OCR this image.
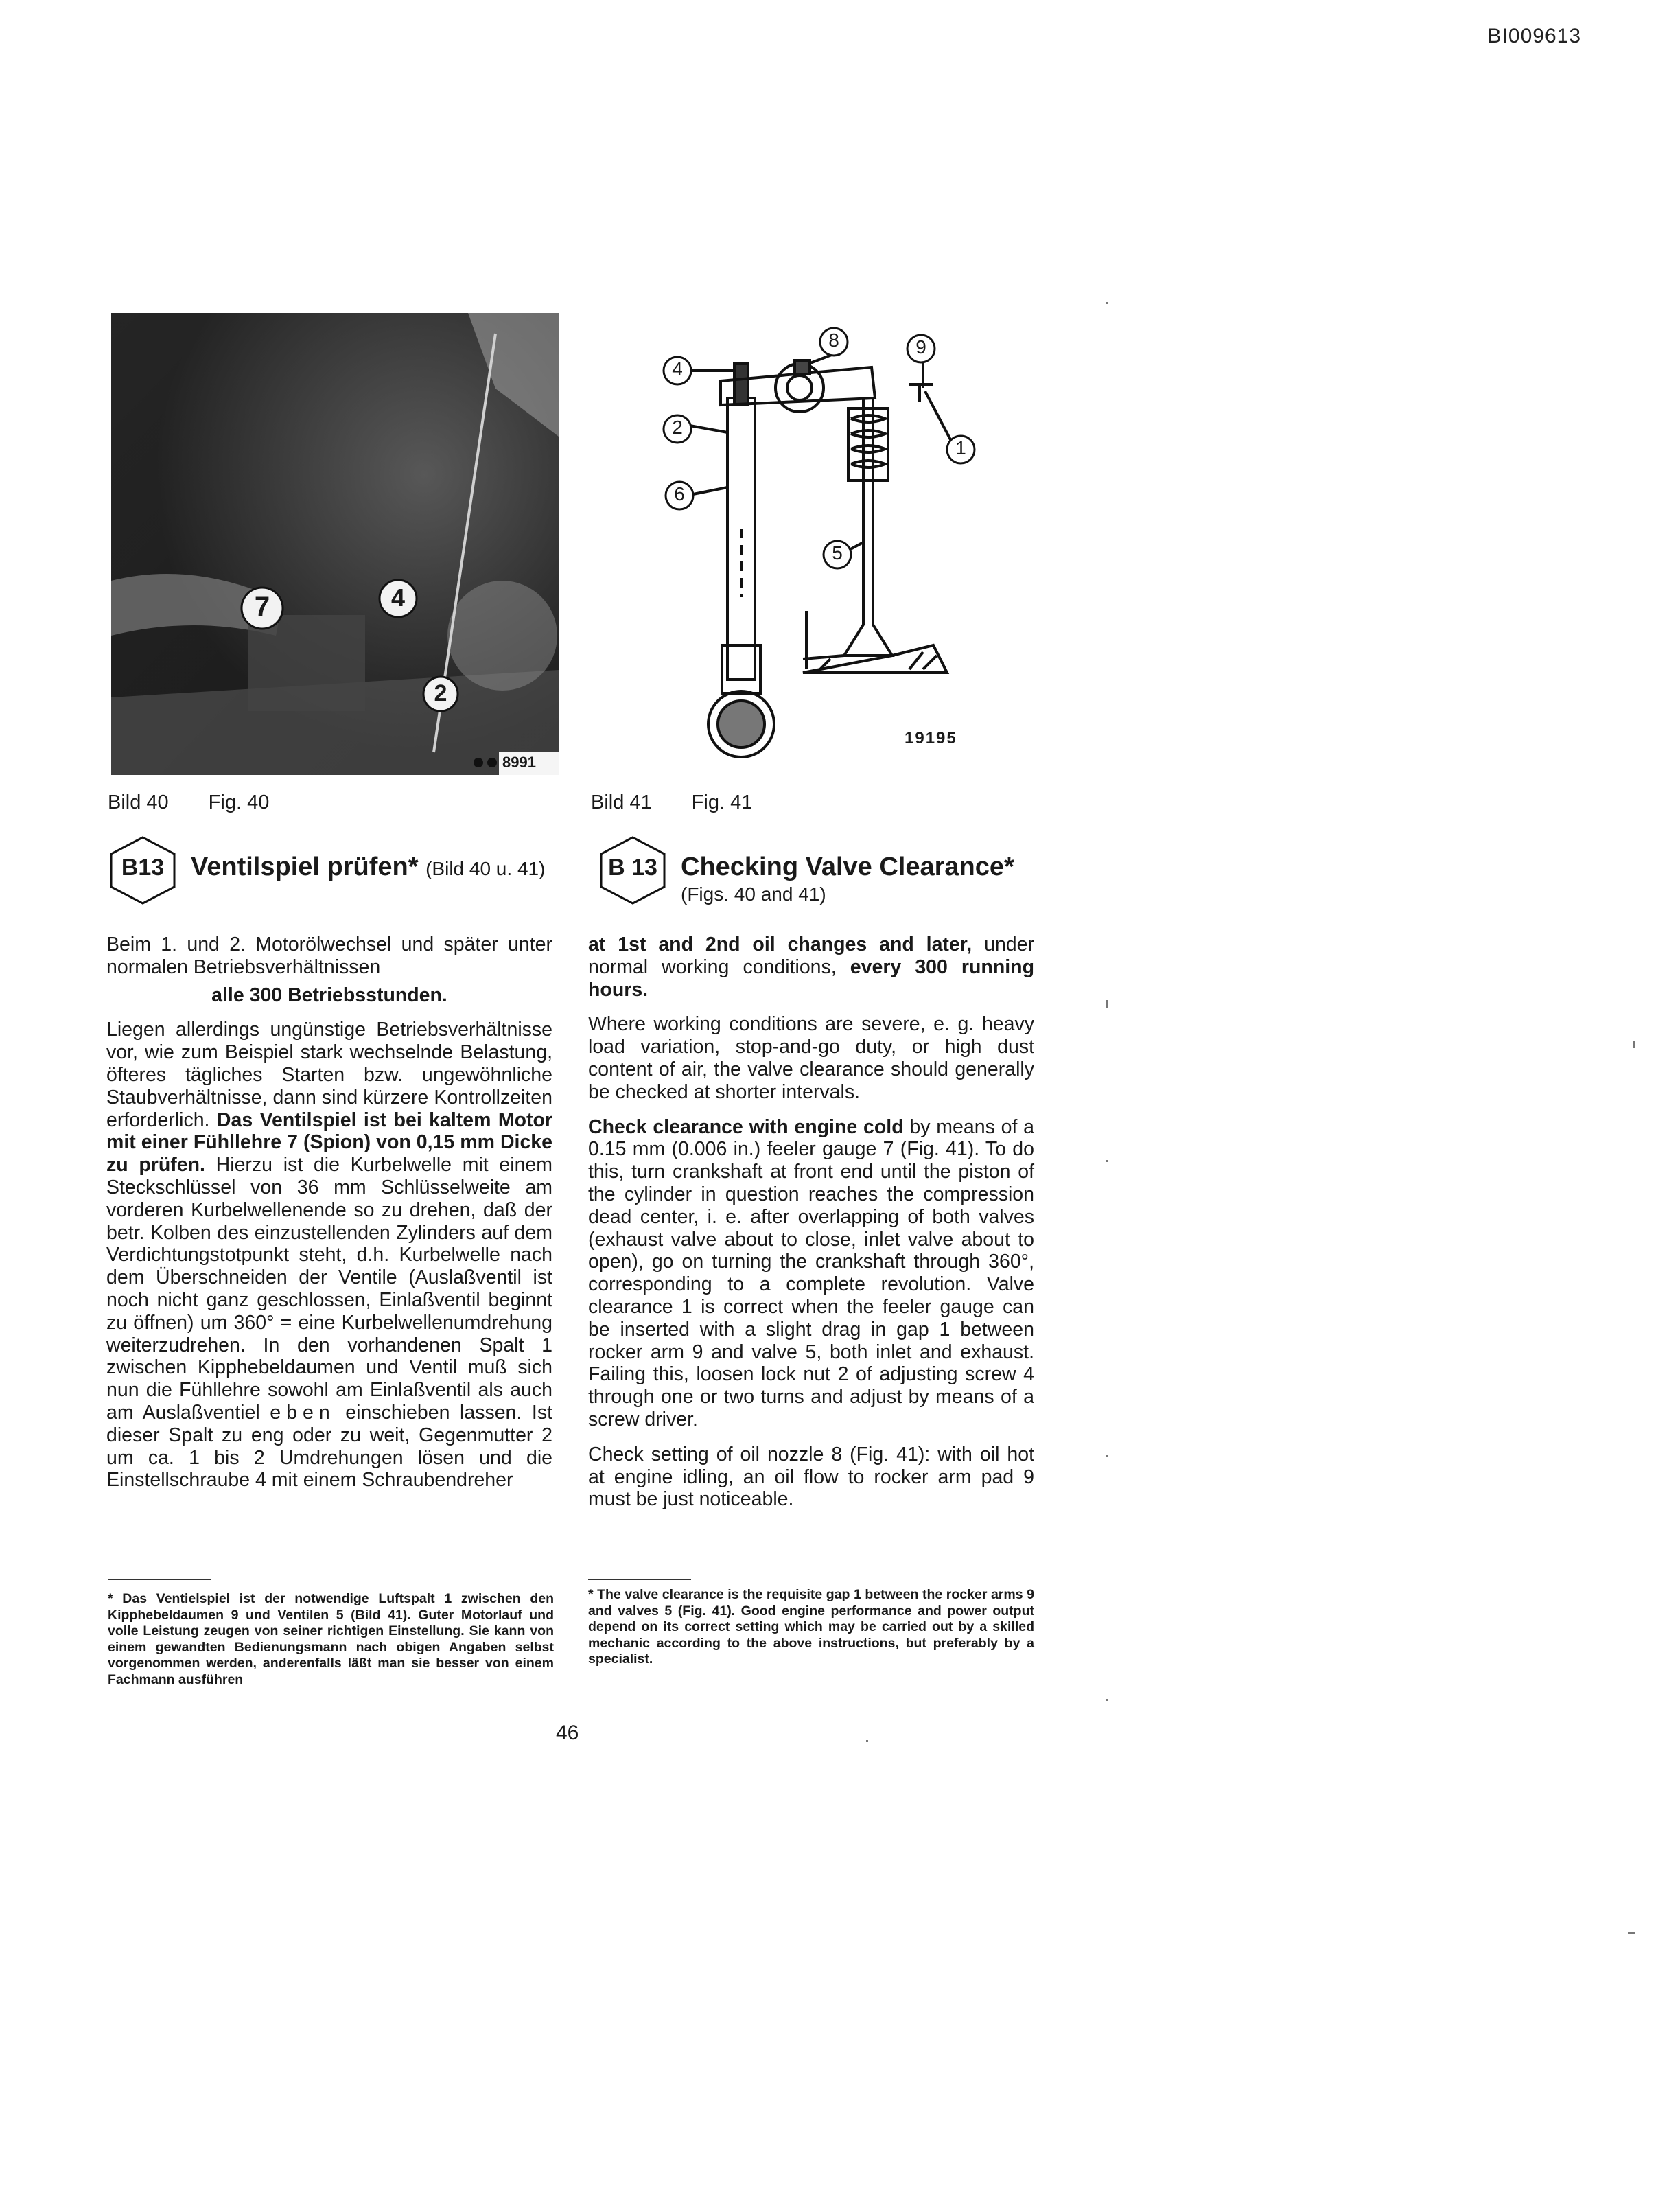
BI009613
7	4
2
8991
4
8	9
2
1
6
5
19195
Bild 40 Fig. 40	Bild 41 Fig. 41
B13	Ventilspiel prüfen* (Bild 40 u. 41)	B 13 Checking Valve Clearance*
(Figs. 40 and 41)

Beim 1. und 2. Motorölwechsel und später unter normalen Betriebsverhältnissen

alle 300 Betriebsstunden.

Liegen allerdings ungünstige Betriebsverhältnisse vor, wie zum Beispiel stark wechselnde Belastung, öfteres tägliches Starten bzw. ungewöhnliche Staubverhältnisse, dann sind kürzere Kontrollzeiten erforderlich. Das Ventilspiel ist bei kaltem Motor mit einer Fühllehre 7 (Spion) von 0,15 mm Dicke zu prüfen. Hierzu ist die Kurbelwelle mit einem Steckschlüssel von 36 mm Schlüsselweite am vorderen Kurbelwellenende so zu drehen, daß der betr. Kolben des einzustellenden Zylinders auf dem Verdichtungstotpunkt steht, d.h. Kurbelwelle nach dem Überschneiden der Ventile (Auslaßventil ist noch nicht ganz geschlossen, Einlaßventil beginnt zu öffnen) um 360° = eine Kurbelwellenumdrehung weiterzudrehen. In den vorhandenen Spalt 1 zwischen Kipphebeldaumen und Ventil muß sich nun die Fühllehre sowohl am Einlaßventil als auch am Auslaßventiel eben einschieben lassen. Ist dieser Spalt zu eng oder zu weit, Gegenmutter 2 um ca. 1 bis 2 Umdrehungen lösen und die Einstellschraube 4 mit einem Schraubendreher

at 1st and 2nd oil changes and later, under normal working conditions, every 300 running hours.

Where working conditions are severe, e. g. heavy load variation, stop-and-go duty, or high dust content of air, the valve clearance should generally be checked at shorter intervals.

Check clearance with engine cold by means of a 0.15 mm (0.006 in.) feeler gauge 7 (Fig. 41). To do this, turn crankshaft at front end until the piston of the cylinder in question reaches the compression dead center, i. e. after overlapping of both valves (exhaust valve about to close, inlet valve about to open), go on turning the crankshaft through 360°, corresponding to a complete revolution. Valve clearance 1 is correct when the feeler gauge can be inserted with a slight drag in gap 1 between rocker arm 9 and valve 5, both inlet and exhaust. Failing this, loosen lock nut 2 of adjusting screw 4 through one or two turns and adjust by means of a screw driver.

Check setting of oil nozzle 8 (Fig. 41): with oil hot at engine idling, an oil flow to rocker arm pad 9 must be just noticeable.

* Das Ventielspiel ist der notwendige Luftspalt 1 zwischen den Kipphebeldaumen 9 und Ventilen 5 (Bild 41). Guter Motorlauf und volle Leistung zeugen von seiner richtigen Einstellung. Sie kann von einem gewandten Bedienungsmann nach obigen Angaben selbst vorgenommen werden, anderenfalls läßt man sie besser von einem Fachmann ausführen
* The valve clearance is the requisite gap 1 between the rocker arms 9 and valves 5 (Fig. 41). Good engine performance and power output depend on its correct setting which may be carried out by a skilled mechanic according to the above instructions, but preferably by a specialist.
46
